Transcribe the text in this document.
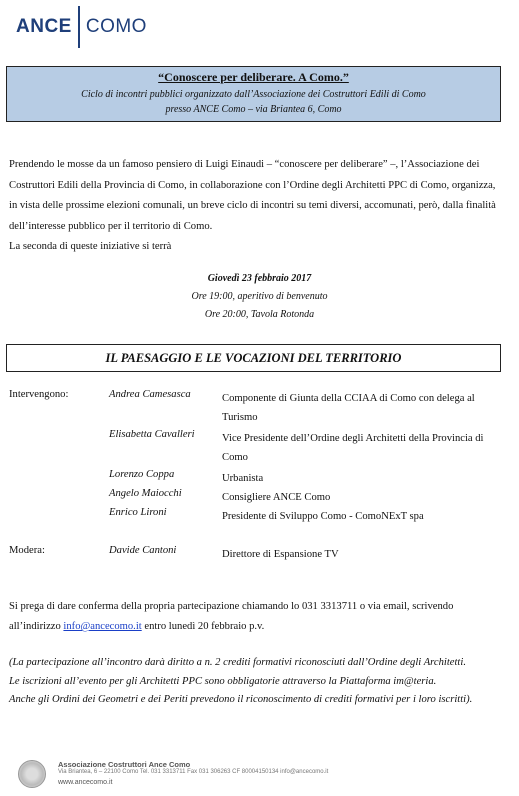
ANCE COMO
“Conoscere per deliberare. A Como.”
Ciclo di incontri pubblici organizzato dall’Associazione dei Costruttori Edili di Como
presso ANCE Como – via Briantea 6, Como
Prendendo le mosse da un famoso pensiero di Luigi Einaudi – “conoscere per deliberare” –, l’Associazione dei Costruttori Edili della Provincia di Como, in collaborazione con l’Ordine degli Architetti PPC di Como, organizza, in vista delle prossime elezioni comunali, un breve ciclo di incontri su temi diversi, accomunati, però, dalla finalità dell’interesse pubblico per il territorio di Como.
La seconda di queste iniziative si terrà
Giovedì 23 febbraio 2017
Ore 19:00, aperitivo di benvenuto
Ore 20:00, Tavola Rotonda
IL PAESAGGIO E LE VOCAZIONI DEL TERRITORIO
Intervengono:	Andrea Camesasca	Componente di Giunta della CCIAA di Como con delega al Turismo
Elisabetta Cavalleri	Vice Presidente dell’Ordine degli Architetti della Provincia di Como
Lorenzo Coppa	Urbanista
Angelo Maiocchi	Consigliere ANCE Como
Enrico Lironi	Presidente di Sviluppo Como - ComoNExT spa
Modera:	Davide Cantoni	Direttore di Espansione TV
Si prega di dare conferma della propria partecipazione chiamando lo 031 3313711 o via email, scrivendo all’indirizzo info@ancecomo.it entro lunedì 20 febbraio p.v.
(La partecipazione all’incontro darà diritto a n. 2 crediti formativi riconosciuti dall’Ordine degli Architetti.
Le iscrizioni all’evento per gli Architetti PPC sono obbligatorie attraverso la Piattaforma im@teria.
Anche gli Ordini dei Geometri e dei Periti prevedono il riconoscimento di crediti formativi per i loro iscritti).
Associazione Costruttori Ance Como
Via Briantea, 6 – 22100 Como Tel. 031 3313711 Fax 031 306263 CF 80004150134 info@ancecomo.it
www.ancecomo.it
